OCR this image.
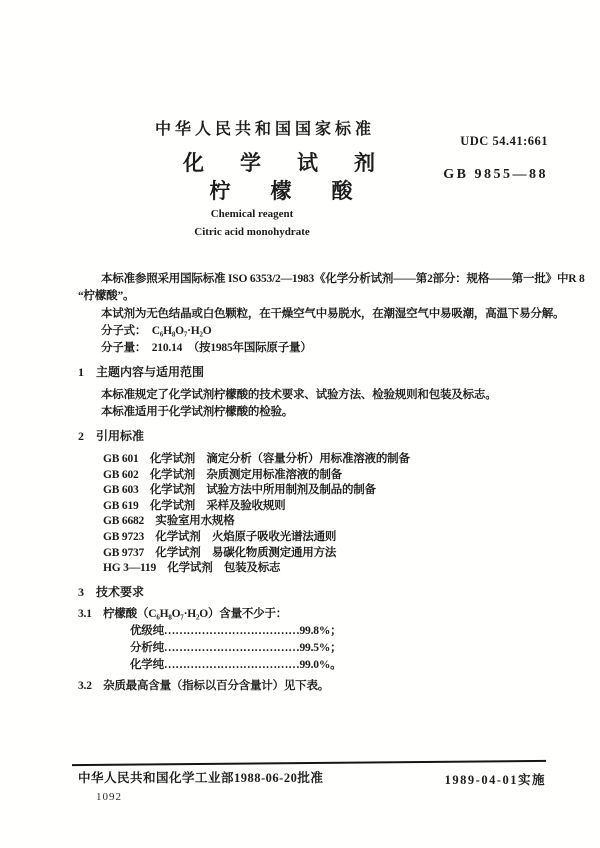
中华人民共和国国家标准
UDC 54.41:661
化学试剂
柠檬酸
GB 9855—88
Chemical reagent
Citric acid monohydrate
本标准参照采用国际标准 ISO 6353/2—1983《化学分析试剂——第2部分：规格——第一批》中R 8
“柠檬酸”。
本试剂为无色结晶或白色颗粒，在干燥空气中易脱水，在潮湿空气中易吸潮，高温下易分解。
分子式：　C₆H₈O₇·H₂O
分子量：　210.14　（按1985年国际原子量）
1　主题内容与适用范围
本标准规定了化学试剂柠檬酸的技术要求、试验方法、检验规则和包装及标志。
本标准适用于化学试剂柠檬酸的检验。
2　引用标准
GB 601　化学试剂　滴定分析（容量分析）用标准溶液的制备
GB 602　化学试剂　杂质测定用标准溶液的制备
GB 603　化学试剂　试验方法中所用制剂及制品的制备
GB 619　化学试剂　采样及验收规则
GB 6682　实验室用水规格
GB 9723　化学试剂　火焰原子吸收光谱法通则
GB 9737　化学试剂　易碳化物质测定通用方法
HG 3—119　化学试剂　包装及标志
3　技术要求
3.1　柠檬酸（C₆H₈O₇·H₂O）含量不少于：
优级纯………………………………99.8%；
分析纯………………………………99.5%；
化学纯………………………………99.0%。
3.2　杂质最高含量（指标以百分含量计）见下表。
中华人民共和国化学工业部1988-06-20批准	1989-04-01实施
1092
